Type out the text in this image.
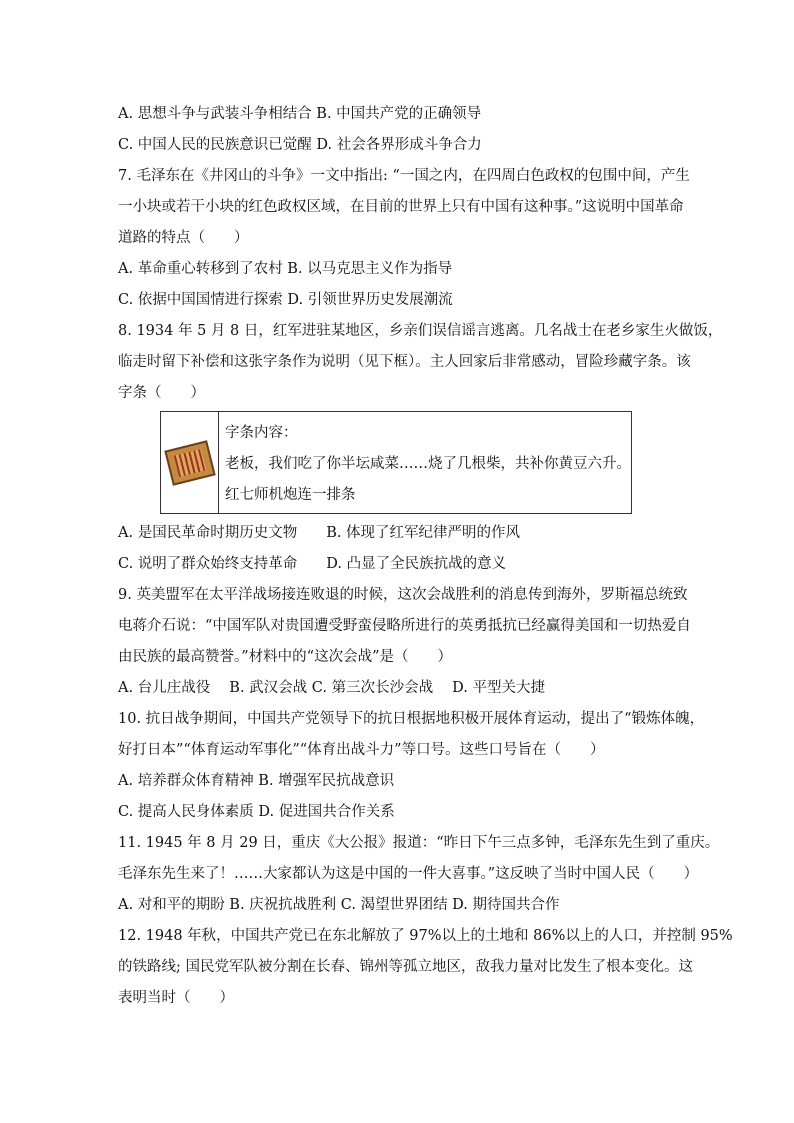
A. 思想斗争与武装斗争相结合 B. 中国共产党的正确领导
C. 中国人民的民族意识已觉醒 D. 社会各界形成斗争合力
7. 毛泽东在《井冈山的斗争》一文中指出: “一国之内，在四周白色政权的包围中间，产生
一小块或若干小块的红色政权区域，在目前的世界上只有中国有这种事。”这说明中国革命
道路的特点（　　）
A. 革命重心转移到了农村 B. 以马克思主义作为指导
C. 依据中国国情进行探索 D. 引领世界历史发展潮流
8. 1934 年 5 月 8 日，红军进驻某地区，乡亲们误信谣言逃离。几名战士在老乡家生火做饭，
临走时留下补偿和这张字条作为说明（见下框）。主人回家后非常感动，冒险珍藏字条。该
字条（　　）
字条内容：
老板，我们吃了你半坛咸菜……烧了几根柴，共补你黄豆六升。
红七师机炮连一排条
A. 是国民革命时期历史文物　　B. 体现了红军纪律严明的作风
C. 说明了群众始终支持革命　　D. 凸显了全民族抗战的意义
9. 英美盟军在太平洋战场接连败退的时候，这次会战胜利的消息传到海外，罗斯福总统致
电蒋介石说：“中国军队对贵国遭受野蛮侵略所进行的英勇抵抗已经赢得美国和一切热爱自
由民族的最高赞誉。”材料中的“这次会战”是（　　）
A. 台儿庄战役　 B. 武汉会战 C. 第三次长沙会战　 D. 平型关大捷
10. 抗日战争期间，中国共产党领导下的抗日根据地积极开展体育运动，提出了“锻炼体魄，
好打日本”“体育运动军事化”“体育出战斗力”等口号。这些口号旨在（　　）
A. 培养群众体育精神 B. 增强军民抗战意识
C. 提高人民身体素质 D. 促进国共合作关系
11. 1945 年 8 月 29 日，重庆《大公报》报道：“昨日下午三点多钟，毛泽东先生到了重庆。
毛泽东先生来了！……大家都认为这是中国的一件大喜事。”这反映了当时中国人民（　　）
A. 对和平的期盼 B. 庆祝抗战胜利 C. 渴望世界团结 D. 期待国共合作
12. 1948 年秋，中国共产党已在东北解放了 97%以上的土地和 86%以上的人口，并控制 95%
的铁路线; 国民党军队被分割在长春、锦州等孤立地区，敌我力量对比发生了根本变化。这
表明当时（　　）
